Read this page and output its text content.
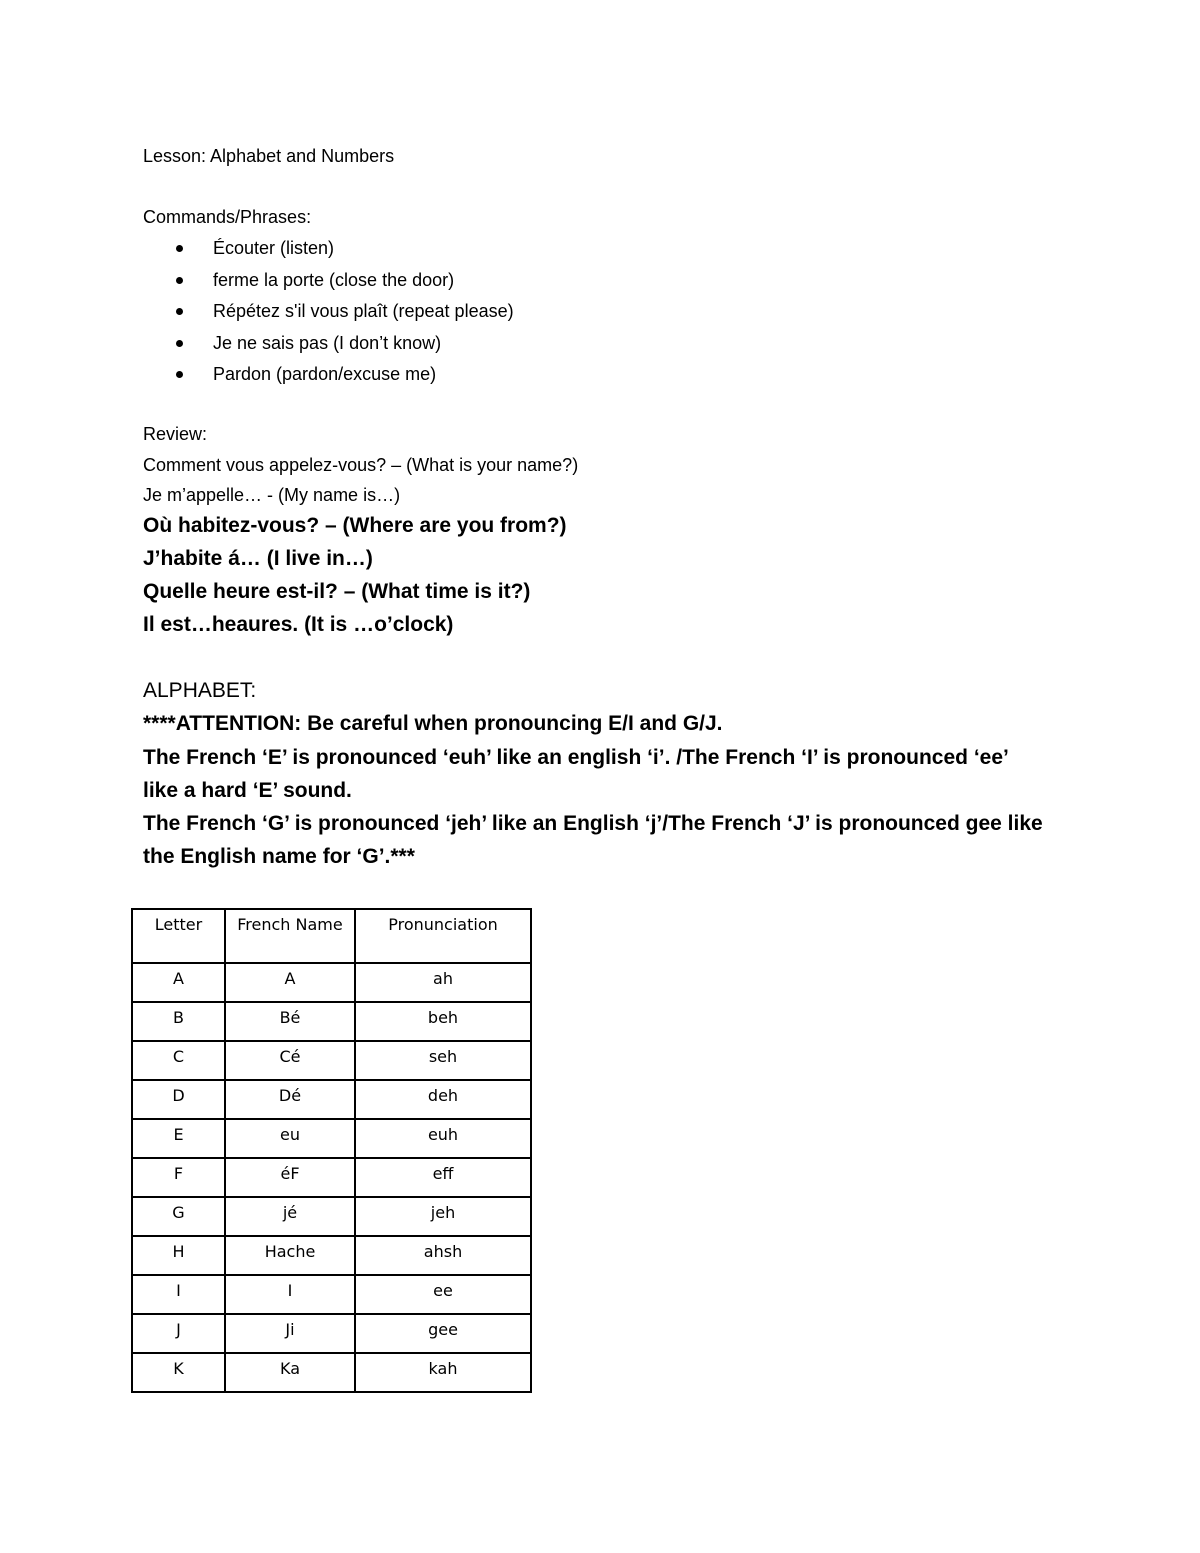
Lesson: Alphabet and Numbers
Commands/Phrases:
Écouter (listen)
ferme la porte (close the door)
Répétez s'il vous plaît (repeat please)
Je ne sais pas (I don’t know)
Pardon (pardon/excuse me)
Review:
Comment vous appelez-vous? – (What is your name?)
Je m’appelle… - (My name is…)
Où habitez-vous? – (Where are you from?)
J’habite á… (I live in…)
Quelle heure est-il? – (What time is it?)
Il est…heaures. (It is …o’clock)
ALPHABET:
****ATTENTION: Be careful when pronouncing E/I and G/J.
The French ‘E’ is pronounced ‘euh’ like an english ‘i’. /The French ‘I’ is pronounced ‘ee’ like a hard ‘E’ sound.
The French ‘G’ is pronounced ‘jeh’ like an English ‘j’/The French ‘J’ is pronounced gee like the English name for ‘G’.***
Letter	French Name	Pronunciation
A	A	ah
B	Bé	beh
C	Cé	seh
D	Dé	deh
E	eu	euh
F	éF	eff
G	jé	jeh
H	Hache	ahsh
I	I	ee
J	Ji	gee
K	Ka	kah
